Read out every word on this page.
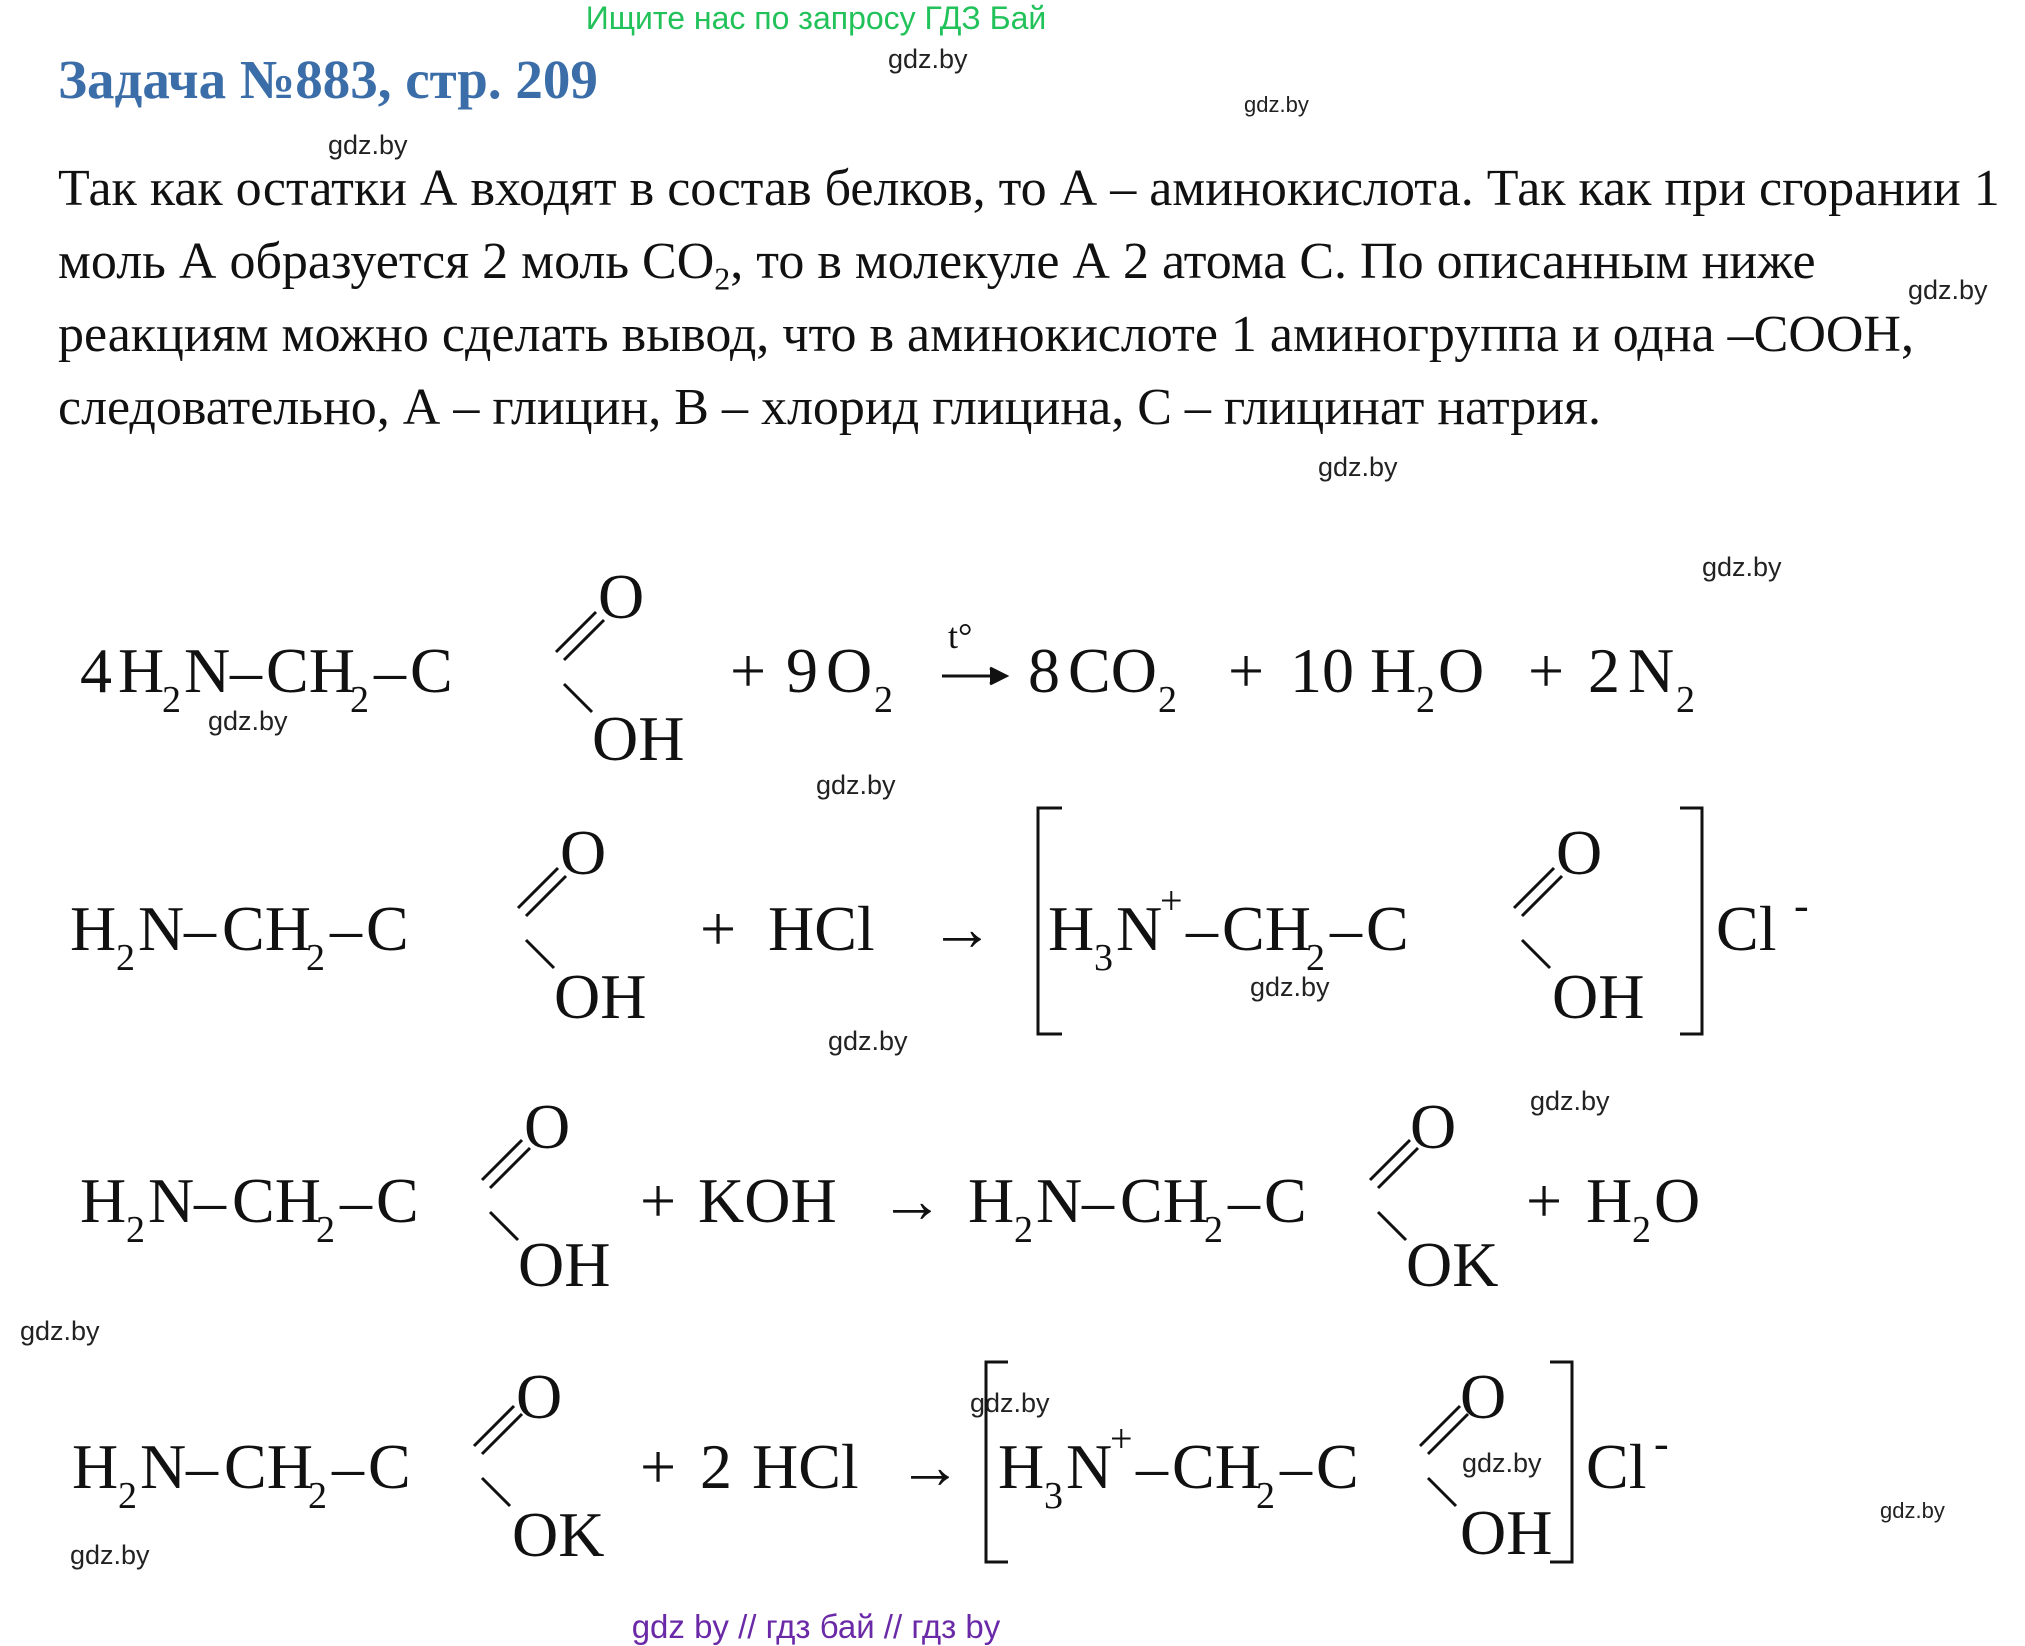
Ищите нас по запросу ГДЗ Бай
Задача №883, стр. 209
Так как остатки А входят в состав белков, то А – аминокислота. Так как при сгорании 1 моль А образуется 2 моль $CO_2$, то в молекуле А 2 атома С. По описанным ниже реакциям можно сделать вывод, что в аминокислоте 1 аминогруппа и одна –COOH, следовательно, А – глицин, В – хлорид глицина, С – глицинат натрия.
gdz.by
gdz.by
gdz.by
gdz.by
gdz.by
gdz.by
gdz.by
gdz.by
gdz.by
gdz.by
gdz.by
gdz.by
gdz.by
gdz.by
gdz.by
gdz.by
4 H
2 N – CH
2 – C
O
OH
+ 9 O 2
t° 8 CO 2 + 10 H 2 O + 2 N 2
H 2 N – CH
2 – C
O
OH
+ HCl → H 3 N
+ – CH
2 – C
O
OH
Cl -
H 2 N – CH
2 – C
O
OH
+ KOH → H 2 N – CH
2 – C
O
OK
+ H 2 O
H 2 N – CH
2 – C
O
OK
+ 2 HCl → H 3 N
+ – CH
2 – C
O
OH
Cl -
gdz by // гдз бай // гдз by
